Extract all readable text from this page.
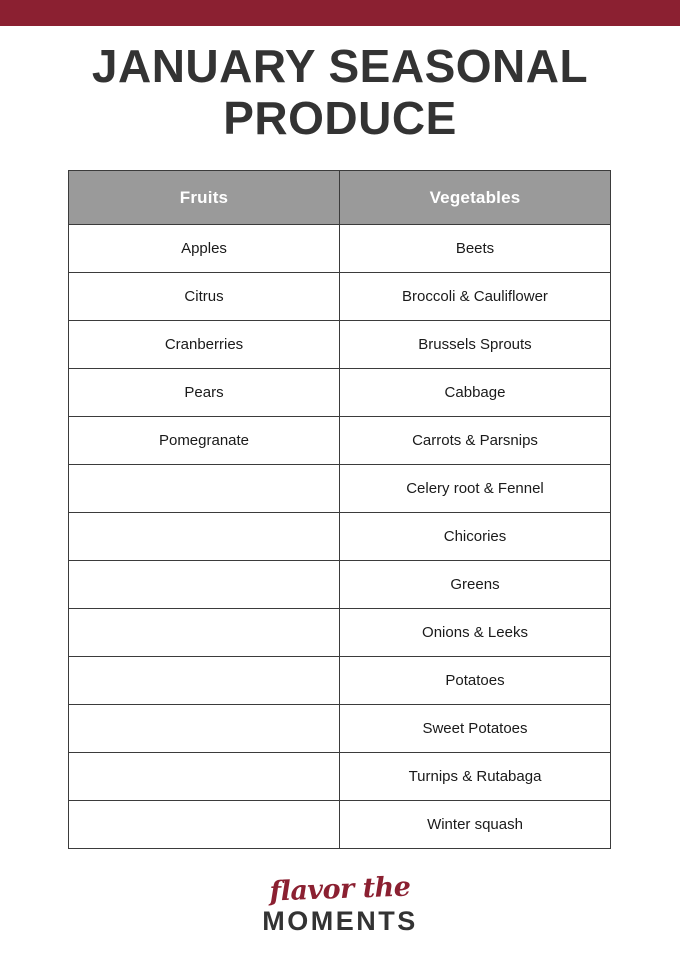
JANUARY SEASONAL PRODUCE
Fruits	Vegetables
Apples	Beets
Citrus	Broccoli & Cauliflower
Cranberries	Brussels Sprouts
Pears	Cabbage
Pomegranate	Carrots & Parsnips
	Celery root & Fennel
	Chicories
	Greens
	Onions & Leeks
	Potatoes
	Sweet Potatoes
	Turnips & Rutabaga
	Winter squash
flavor the
MOMENTS
